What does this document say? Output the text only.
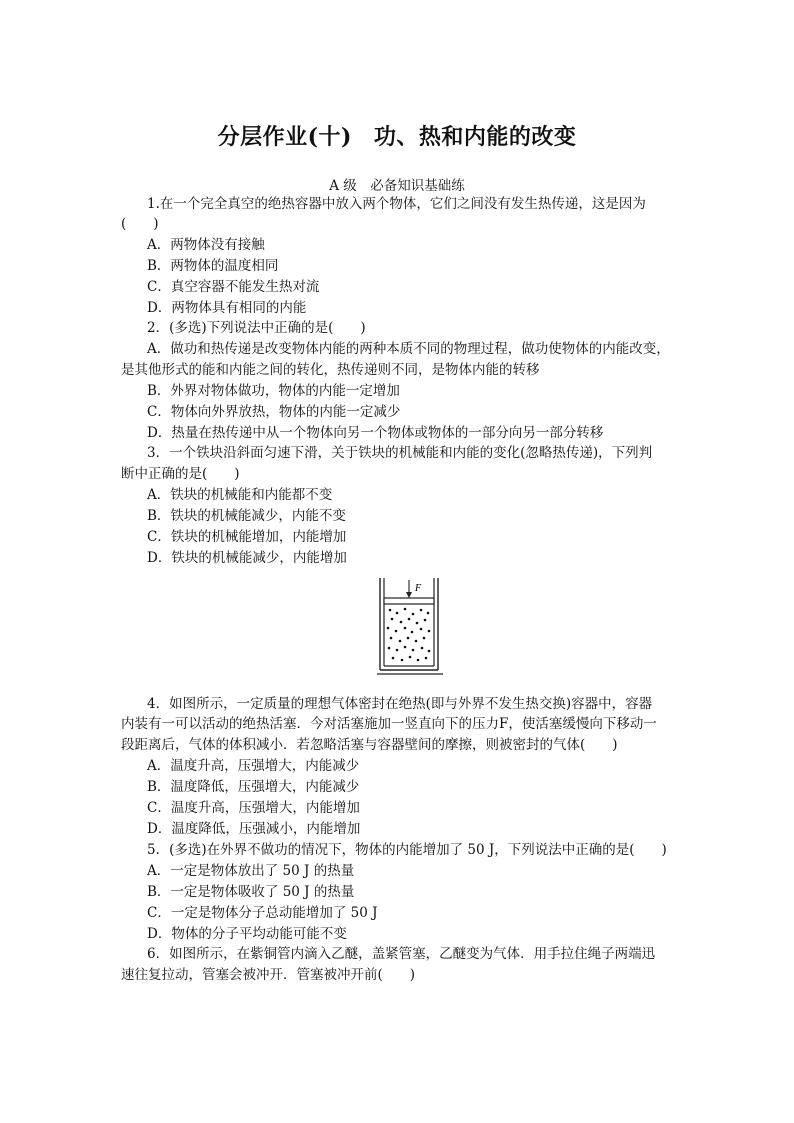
分层作业(十) 功、热和内能的改变
A 级　必备知识基础练
1.在一个完全真空的绝热容器中放入两个物体，它们之间没有发生热传递，这是因为
(　　)
A．两物体没有接触
B．两物体的温度相同
C．真空容器不能发生热对流
D．两物体具有相同的内能
2．(多选)下列说法中正确的是(　　)
A．做功和热传递是改变物体内能的两种本质不同的物理过程，做功使物体的内能改变，
是其他形式的能和内能之间的转化，热传递则不同，是物体内能的转移
B．外界对物体做功，物体的内能一定增加
C．物体向外界放热，物体的内能一定减少
D．热量在热传递中从一个物体向另一个物体或物体的一部分向另一部分转移
3．一个铁块沿斜面匀速下滑，关于铁块的机械能和内能的变化(忽略热传递)，下列判
断中正确的是(　　)
A．铁块的机械能和内能都不变
B．铁块的机械能减少，内能不变
C．铁块的机械能增加，内能增加
D．铁块的机械能减少，内能增加
F
4．如图所示，一定质量的理想气体密封在绝热(即与外界不发生热交换)容器中，容器
内装有一可以活动的绝热活塞．今对活塞施加一竖直向下的压力F，使活塞缓慢向下移动一
段距离后，气体的体积减小．若忽略活塞与容器壁间的摩擦，则被密封的气体(　　)
A．温度升高，压强增大，内能减少
B．温度降低，压强增大，内能减少
C．温度升高，压强增大，内能增加
D．温度降低，压强减小，内能增加
5．(多选)在外界不做功的情况下，物体的内能增加了 50 J，下列说法中正确的是(　　)
A．一定是物体放出了 50 J 的热量
B．一定是物体吸收了 50 J 的热量
C．一定是物体分子总动能增加了 50 J
D．物体的分子平均动能可能不变
6．如图所示，在紫铜管内滴入乙醚，盖紧管塞，乙醚变为气体．用手拉住绳子两端迅
速往复拉动，管塞会被冲开．管塞被冲开前(　　)
